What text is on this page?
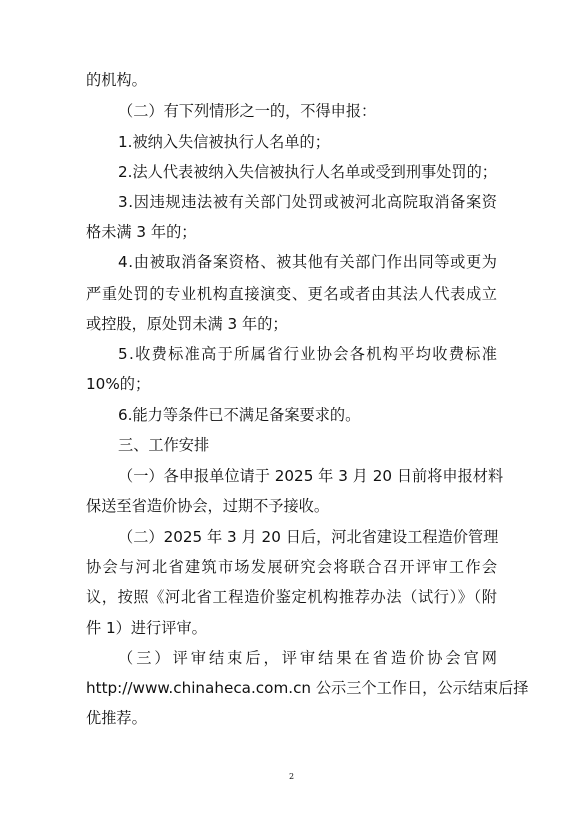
的机构。
（二）有下列情形之一的，不得申报：
1.被纳入失信被执行人名单的；
2.法人代表被纳入失信被执行人名单或受到刑事处罚的；
3.因违规违法被有关部门处罚或被河北高院取消备案资
格未满 3 年的；
4.由被取消备案资格、被其他有关部门作出同等或更为
严重处罚的专业机构直接演变、更名或者由其法人代表成立
或控股，原处罚未满 3 年的；
5.收费标准高于所属省行业协会各机构平均收费标准
10%的；
6.能力等条件已不满足备案要求的。
三、工作安排
（一）各申报单位请于 2025 年 3 月 20 日前将申报材料
保送至省造价协会，过期不予接收。
（二）2025 年 3 月 20 日后，河北省建设工程造价管理
协会与河北省建筑市场发展研究会将联合召开评审工作会
议，按照《河北省工程造价鉴定机构推荐办法（试行）》（附
件 1）进行评审。
（三）评审结束后，评审结果在省造价协会官网
http://www.chinaheca.com.cn 公示三个工作日，公示结束后择
优推荐。
2
